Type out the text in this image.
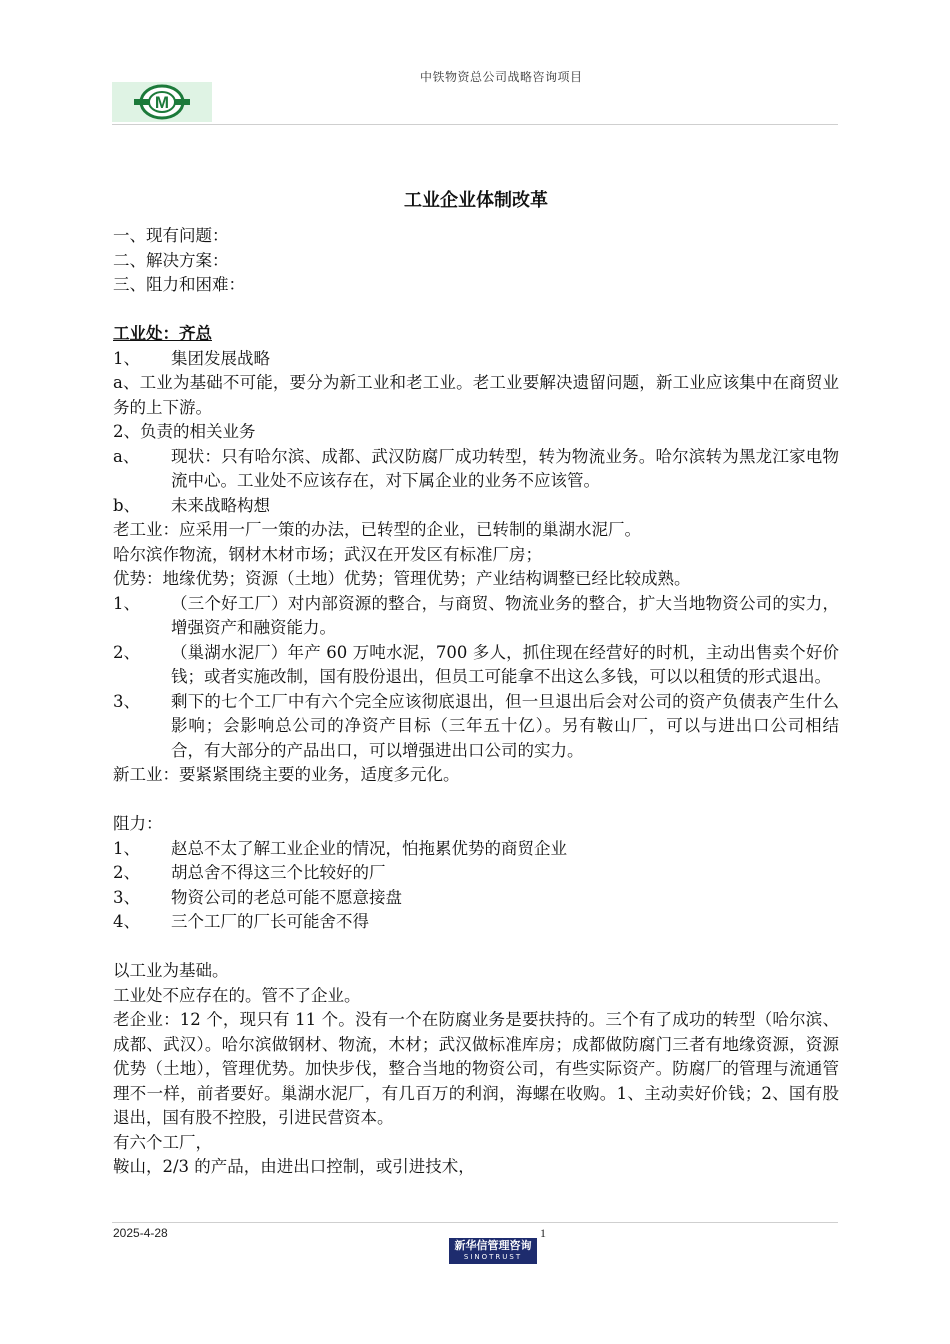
中铁物资总公司战略咨询项目
M
工业企业体制改革
一、现有问题：
二、解决方案：
三、阻力和困难：
工业处：齐总
1、	集团发展战略
a、工业为基础不可能，要分为新工业和老工业。老工业要解决遗留问题，新工业应该集中在商贸业务的上下游。
2、负责的相关业务
a、	现状：只有哈尔滨、成都、武汉防腐厂成功转型，转为物流业务。哈尔滨转为黑龙江家电物流中心。工业处不应该存在，对下属企业的业务不应该管。
b、	未来战略构想
老工业：应采用一厂一策的办法，已转型的企业，已转制的巢湖水泥厂。
哈尔滨作物流，钢材木材市场；武汉在开发区有标准厂房；
优势：地缘优势；资源（土地）优势；管理优势；产业结构调整已经比较成熟。
1、	（三个好工厂）对内部资源的整合，与商贸、物流业务的整合，扩大当地物资公司的实力，增强资产和融资能力。
2、	（巢湖水泥厂）年产 60 万吨水泥，700 多人，抓住现在经营好的时机，主动出售卖个好价钱；或者实施改制，国有股份退出，但员工可能拿不出这么多钱，可以以租赁的形式退出。
3、	剩下的七个工厂中有六个完全应该彻底退出，但一旦退出后会对公司的资产负债表产生什么影响；会影响总公司的净资产目标（三年五十亿）。另有鞍山厂，可以与进出口公司相结合，有大部分的产品出口，可以增强进出口公司的实力。
新工业：要紧紧围绕主要的业务，适度多元化。
阻力：
1、	赵总不太了解工业企业的情况，怕拖累优势的商贸企业
2、	胡总舍不得这三个比较好的厂
3、	物资公司的老总可能不愿意接盘
4、	三个工厂的厂长可能舍不得
以工业为基础。
工业处不应存在的。管不了企业。
老企业：12 个，现只有 11 个。没有一个在防腐业务是要扶持的。三个有了成功的转型（哈尔滨、成都、武汉）。哈尔滨做钢材、物流，木材；武汉做标准库房；成都做防腐门三者有地缘资源，资源优势（土地），管理优势。加快步伐，整合当地的物资公司，有些实际资产。防腐厂的管理与流通管理不一样，前者要好。巢湖水泥厂，有几百万的利润，海螺在收购。1、主动卖好价钱；2、国有股退出，国有股不控股，引进民营资本。
有六个工厂，
鞍山，2/3 的产品，由进出口控制，或引进技术，
2025-4-28	1
新华信管理咨询
SINOTRUST
